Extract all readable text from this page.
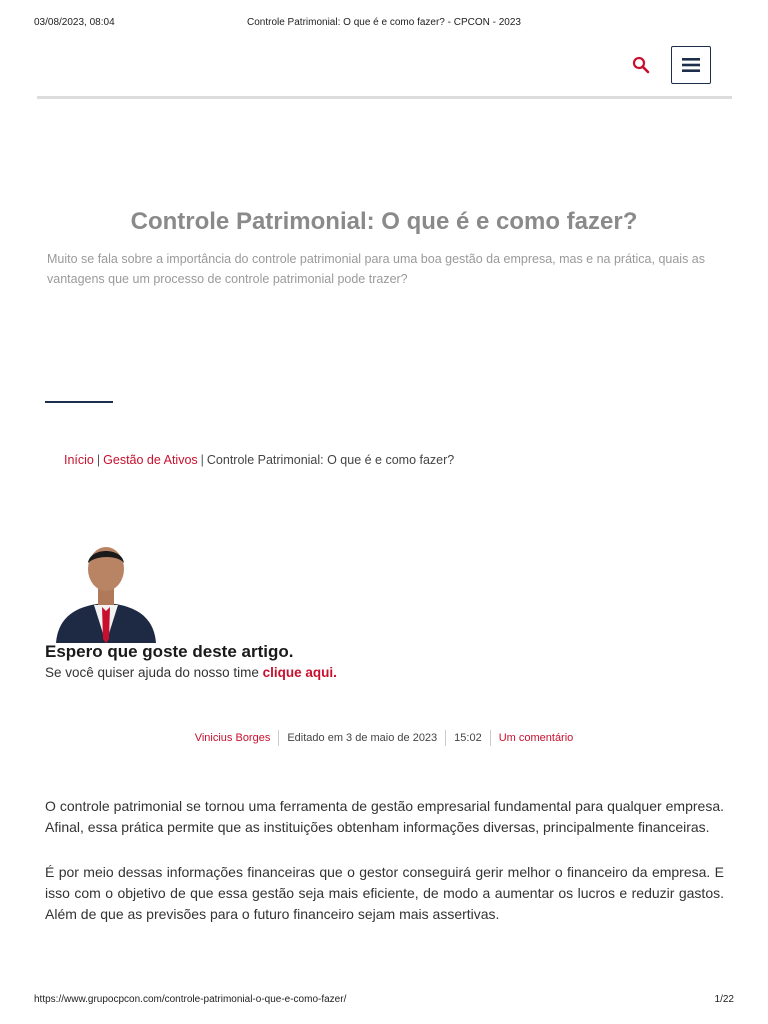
03/08/2023, 08:04	Controle Patrimonial: O que é e como fazer? - CPCON - 2023
Controle Patrimonial: O que é e como fazer?
Muito se fala sobre a importância do controle patrimonial para uma boa gestão da empresa, mas e na prática, quais as vantagens que um processo de controle patrimonial pode trazer?
Início | Gestão de Ativos | Controle Patrimonial: O que é e como fazer?
Espero que goste deste artigo.
Se você quiser ajuda do nosso time clique aqui.
Vinicius Borges Editado em 3 de maio de 2023 15:02 Um comentário

O controle patrimonial se tornou uma ferramenta de gestão empresarial fundamental para qualquer empresa. Afinal, essa prática permite que as instituições obtenham informações diversas, principalmente financeiras.

É por meio dessas informações financeiras que o gestor conseguirá gerir melhor o financeiro da empresa. E isso com o objetivo de que essa gestão seja mais eficiente, de modo a aumentar os lucros e reduzir gastos. Além de que as previsões para o futuro financeiro sejam mais assertivas.

https://www.grupocpcon.com/controle-patrimonial-o-que-e-como-fazer/	1/22
